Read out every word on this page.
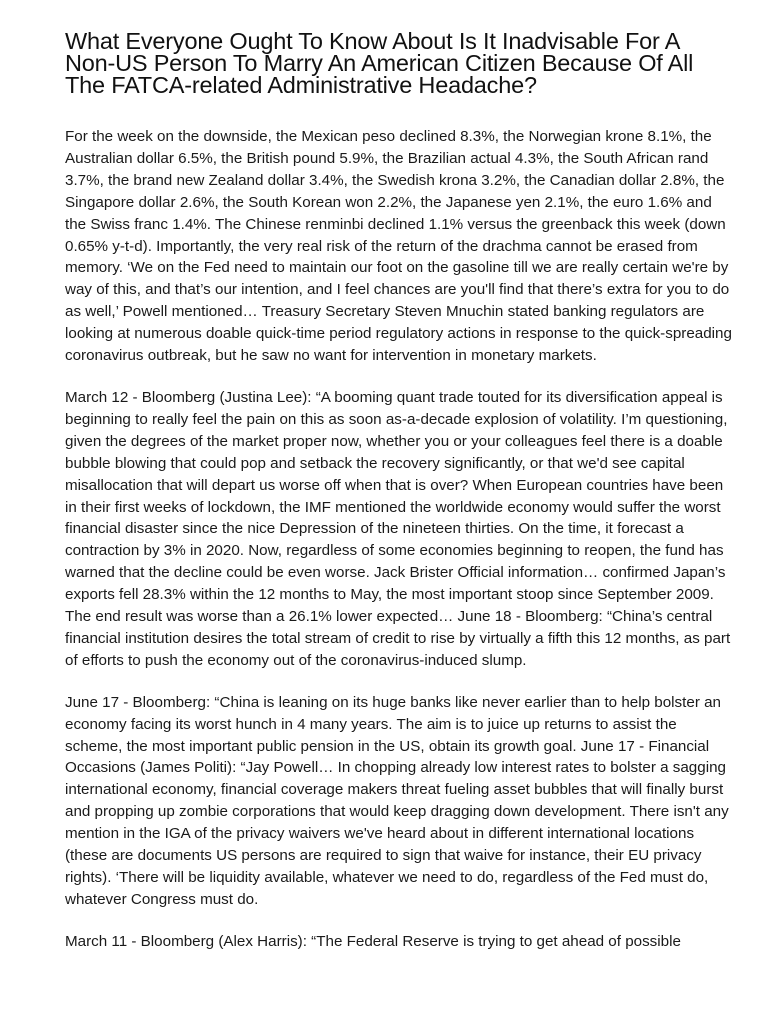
What Everyone Ought To Know About Is It Inadvisable For A Non-US Person To Marry An American Citizen Because Of All The FATCA-related Administrative Headache?

For the week on the downside, the Mexican peso declined 8.3%, the Norwegian krone 8.1%, the Australian dollar 6.5%, the British pound 5.9%, the Brazilian actual 4.3%, the South African rand 3.7%, the brand new Zealand dollar 3.4%, the Swedish krona 3.2%, the Canadian dollar 2.8%, the Singapore dollar 2.6%, the South Korean won 2.2%, the Japanese yen 2.1%, the euro 1.6% and the Swiss franc 1.4%. The Chinese renminbi declined 1.1% versus the greenback this week (down 0.65% y-t-d). Importantly, the very real risk of the return of the drachma cannot be erased from memory. ‘We on the Fed need to maintain our foot on the gasoline till we are really certain we're by way of this, and that’s our intention, and I feel chances are you'll find that there’s extra for you to do as well,’ Powell mentioned… Treasury Secretary Steven Mnuchin stated banking regulators are looking at numerous doable quick-time period regulatory actions in response to the quick-spreading coronavirus outbreak, but he saw no want for intervention in monetary markets.

March 12 - Bloomberg (Justina Lee): “A booming quant trade touted for its diversification appeal is beginning to really feel the pain on this as soon as-a-decade explosion of volatility. I’m questioning, given the degrees of the market proper now, whether you or your colleagues feel there is a doable bubble blowing that could pop and setback the recovery significantly, or that we'd see capital misallocation that will depart us worse off when that is over? When European countries have been in their first weeks of lockdown, the IMF mentioned the worldwide economy would suffer the worst financial disaster since the nice Depression of the nineteen thirties. On the time, it forecast a contraction by 3% in 2020. Now, regardless of some economies beginning to reopen, the fund has warned that the decline could be even worse. Jack Brister Official information… confirmed Japan’s exports fell 28.3% within the 12 months to May, the most important stoop since September 2009. The end result was worse than a 26.1% lower expected… June 18 - Bloomberg: “China’s central financial institution desires the total stream of credit to rise by virtually a fifth this 12 months, as part of efforts to push the economy out of the coronavirus-induced slump.

June 17 - Bloomberg: “China is leaning on its huge banks like never earlier than to help bolster an economy facing its worst hunch in 4 many years. The aim is to juice up returns to assist the scheme, the most important public pension in the US, obtain its growth goal. June 17 - Financial Occasions (James Politi): “Jay Powell… In chopping already low interest rates to bolster a sagging international economy, financial coverage makers threat fueling asset bubbles that will finally burst and propping up zombie corporations that would keep dragging down development. There isn't any mention in the IGA of the privacy waivers we've heard about in different international locations (these are documents US persons are required to sign that waive for instance, their EU privacy rights). ‘There will be liquidity available, whatever we need to do, regardless of the Fed must do, whatever Congress must do.

March 11 - Bloomberg (Alex Harris): “The Federal Reserve is trying to get ahead of possible
